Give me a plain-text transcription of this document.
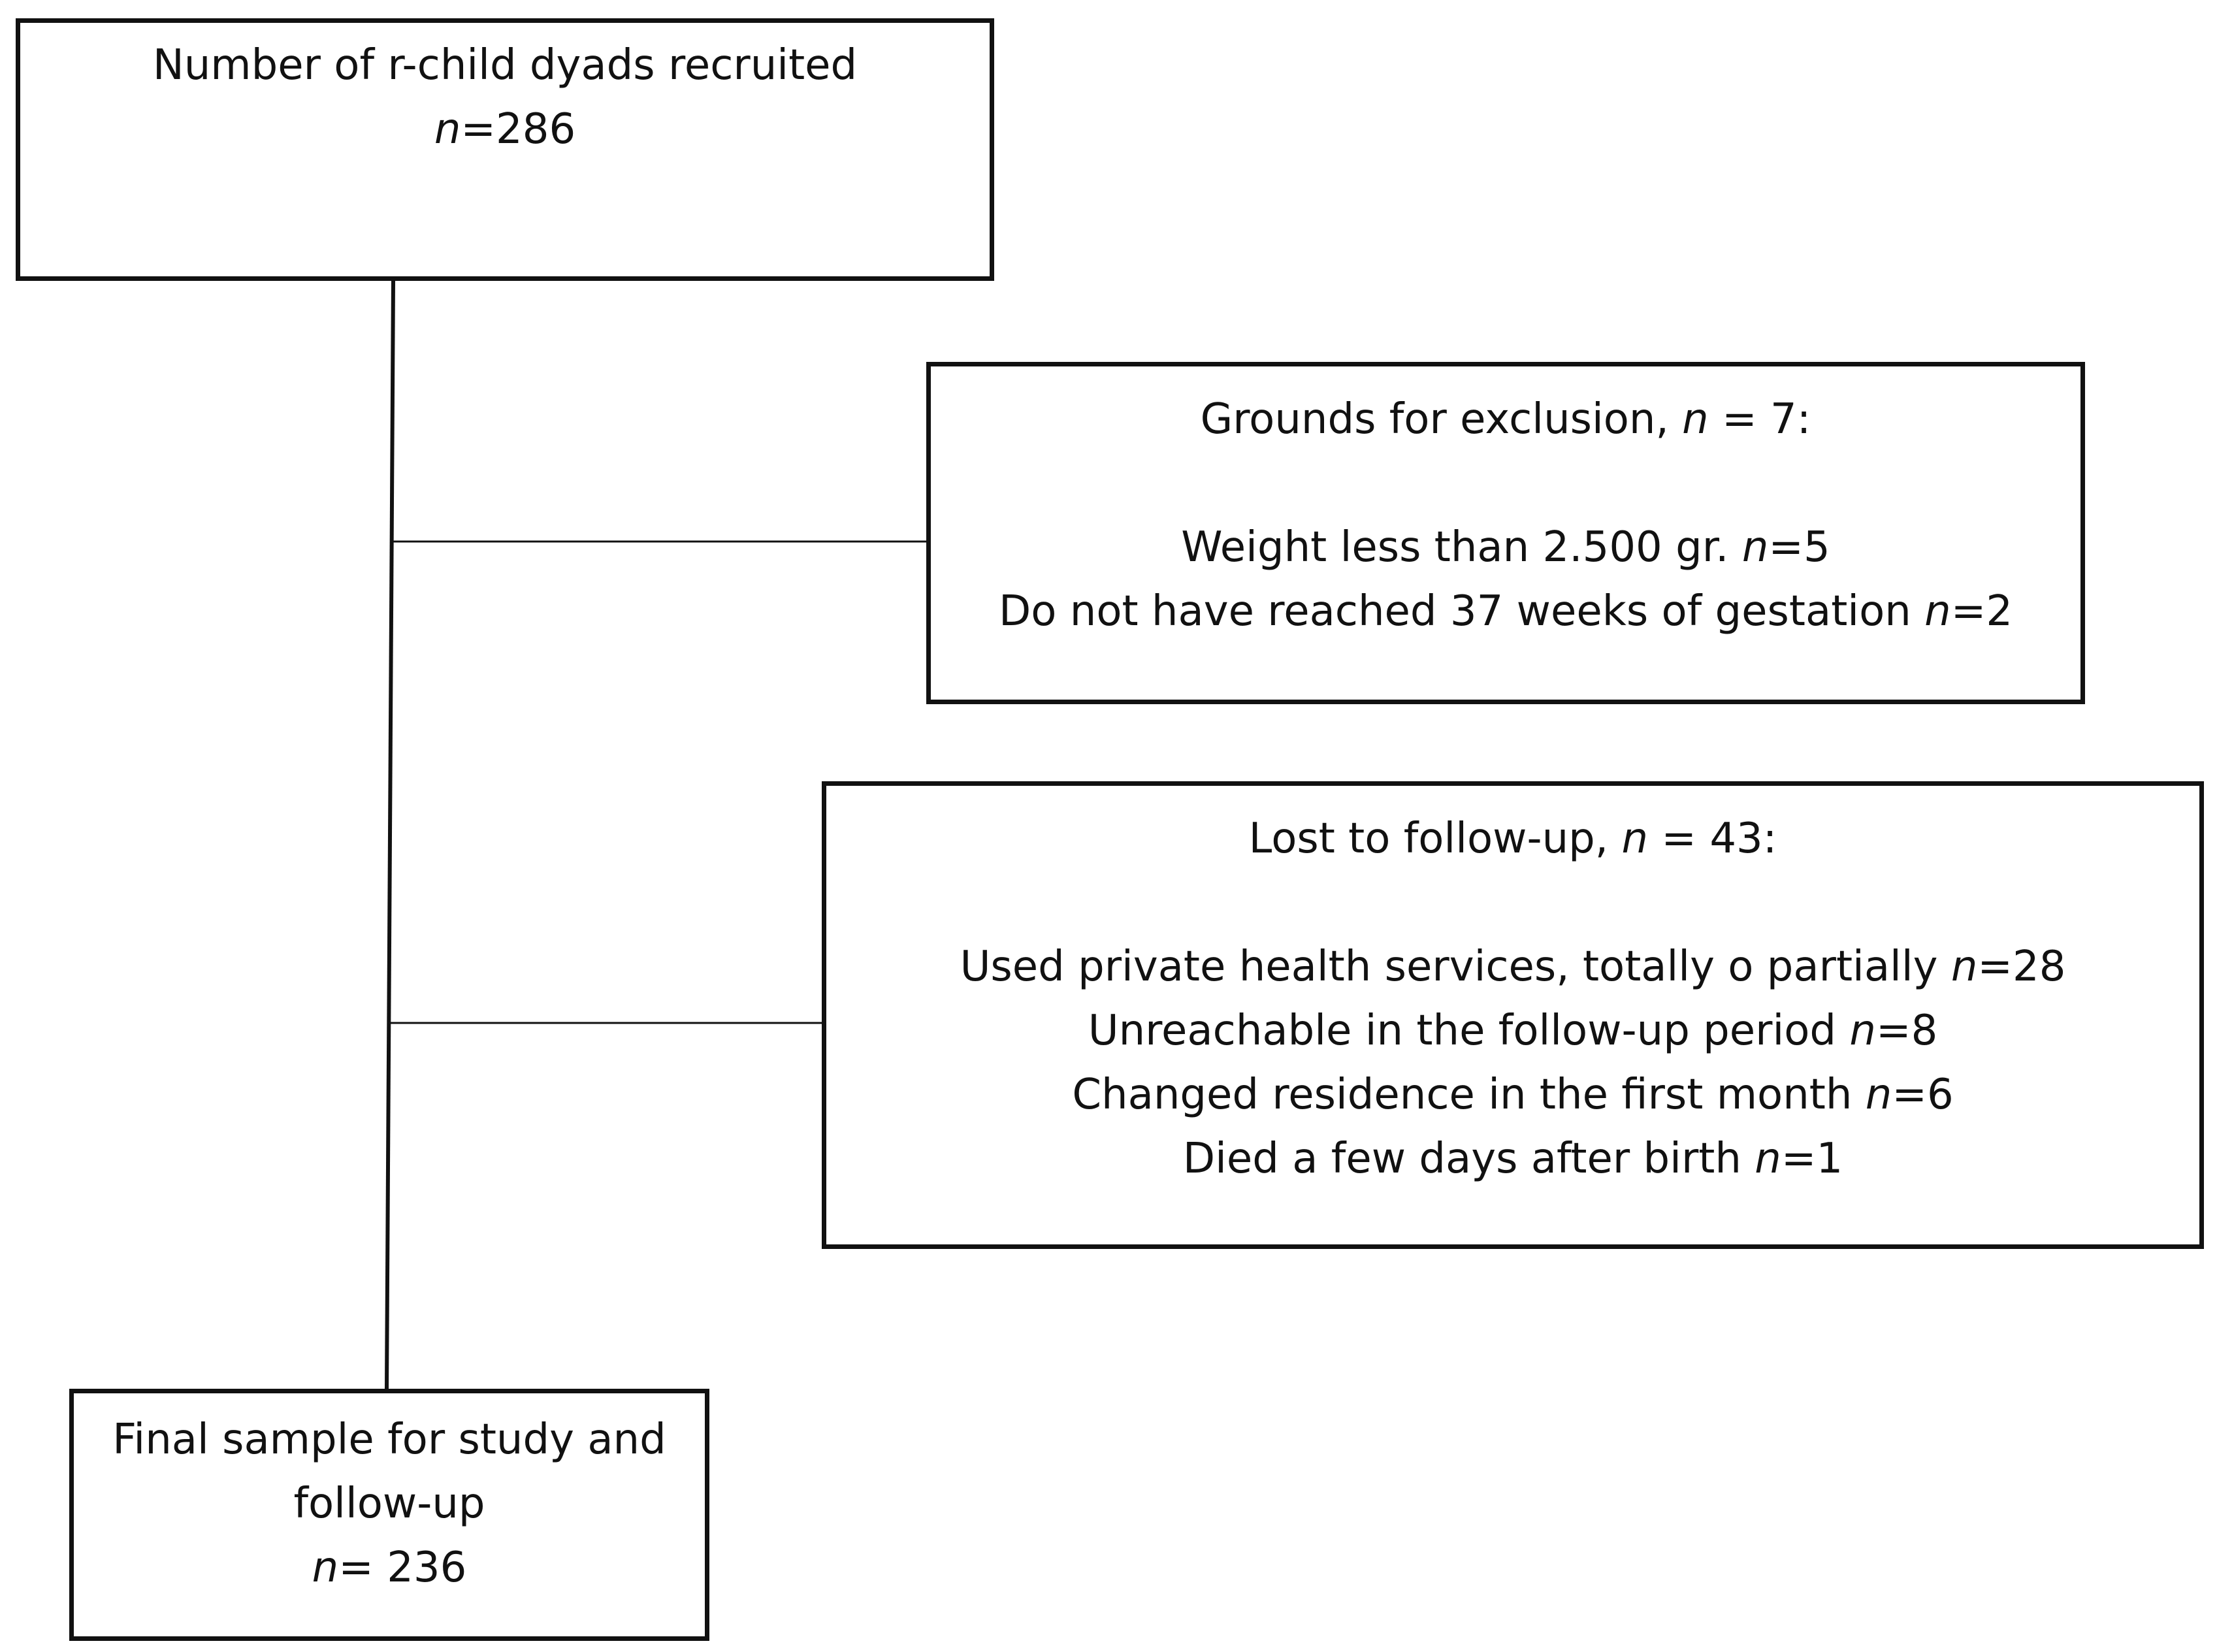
Number of r-child dyads recruited
n=286
Grounds for exclusion, n = 7:
Weight less than 2.500 gr. n=5
Do not have reached 37 weeks of gestation n=2
Lost to follow-up, n = 43:
Used private health services, totally o partially n=28
Unreachable in the follow-up period n=8
Changed residence in the first month n=6
Died a few days after birth n=1
Final sample for study and
follow-up
n= 236
